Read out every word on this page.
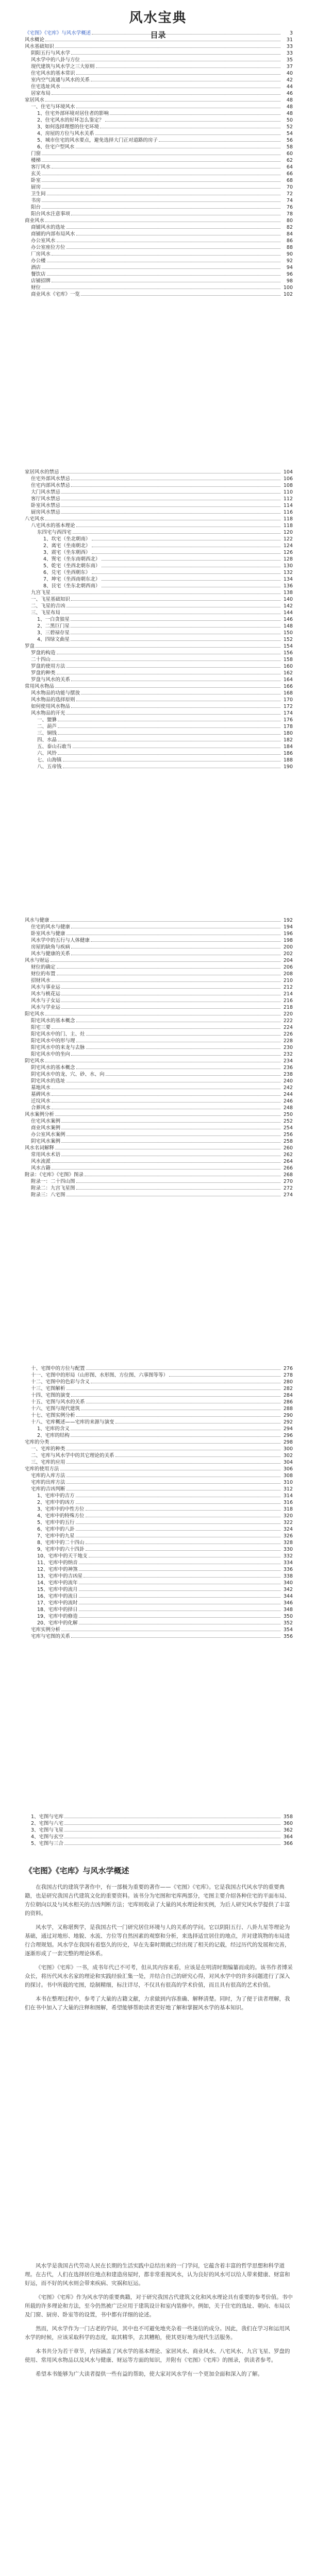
风水宝典
目录
《宅图》《宅库》与风水学概述	3
风水概论	31
风水基础知识	33
阴阳五行与风水学	33
风水学中的八卦与方位	35
现代建筑与风水学之三大原则	37
住宅风水的基本常识	40
室内空气流通与风水的关系	42
住宅选址风水	44
居家布局	46
家居风水	48
一、住宅与环境风水	48
1、住宅外部环境对居住者的影响	48
2、住宅风水的好坏怎么鉴定？	50
3、如何选择理想的住宅环境	52
4、房屋的方位与风水关系	54
5、城市住宅的风水要点，避免选择大门正对道路的房子	56
6、住宅户型风水	58
门窗	60
楼梯	62
客厅风水	64
玄关	66
卧室	68
厨房	70
卫生间	72
书房	74
阳台	76
阳台风水注意事项	78
商业风水	80
商铺风水的选址	82
商铺的内部布局风水	84
办公室风水	86
办公室座位方位	88
厂房风水	90
办公楼	92
酒店	94
餐饮店	96
店铺招牌	98
财位	100
商业风水《宅库》一览	102
家居风水的禁忌	104
住宅外部风水禁忌	106
住宅内部风水禁忌	108
大门风水禁忌	110
客厅风水禁忌	112
卧室风水禁忌	114
厨房风水禁忌	116
八宅风水	118
八宅风水的基本理论	118
东四宅与西四宅	120
1、坎宅（坐北朝南）	122
2、离宅（坐南朝北）	124
3、震宅（坐东朝西）	126
4、巽宅（坐东南朝西北）	128
5、乾宅（坐西北朝东南）	130
6、兑宅（坐西朝东）	132
7、坤宅（坐西南朝东北）	134
8、艮宅（坐东北朝西南）	136
九宫飞星	138
一、飞星基础知识	140
二、飞星的吉凶	142
三、飞星布局	144
1、一白贪狼星	146
2、二黑巨门星	148
3、三碧禄存星	150
4、四绿文曲星	152
罗盘	154
罗盘的构造	156
二十四山	158
罗盘的使用方法	160
罗盘的种类	162
罗盘与风水的关系	164
常用风水物品	166
风水物品的功能与摆放	168
风水物品的选择原则	170
如何使用风水物品	172
风水物品的开光	174
一、貔貅	176
二、葫芦	178
三、铜钱	180
四、水晶	182
五、泰山石敢当	184
六、风铃	186
七、山海镇	188
八、五帝钱	190
风水与健康	192
住宅的风水与健康	194
卧室风水与健康	196
风水学中的五行与人体健康	198
房屋的缺角与疾病	200
风水与健康的关系	202
风水与财运	204
财位的确定	206
财位的布置	208
招财风水	210
风水与事业运	212
风水与桃花运	214
风水与子女运	216
风水与学业运	218
阳宅风水	220
阳宅风水的基本概念	222
阳宅三要	224
阳宅风水中的门、主、灶	226
阳宅风水中的形与理	228
阳宅风水中的来龙与去脉	230
阳宅风水中的坐向	232
阴宅风水	234
阴宅风水的基本概念	236
阴宅风水中的龙、穴、砂、水、向	238
阴宅风水的选址	240
墓地风水	242
墓碑风水	244
迁坟风水	246
合葬风水	248
风水案例分析	250
住宅风水案例	252
商业风水案例	254
办公室风水案例	256
阴宅风水案例	258
风水名词解释	260
常用风水术语	262
风水流派	264
风水古籍	266
附录：《宅库》《宅图》图录	268
附录一：二十四山图	270
附录二：九宫飞星图	272
附录三：八宅图	274
十、宅图中的方位与配置	276
十一、宅图中的形局（山形图、水形图、方位图、六事图等等）	278
十二、宅图中的色彩与含义	280
十三、宅图解析	282
十四、宅图的演变	284
十五、宅图与风水的关系	286
十六、宅图与现代建筑	288
十七、宅图实例分析	290
十八、宅库概述——宅库的来源与演变	292
1、宅库的含义	294
2、宅库的结构	296
宅库的分类	298
一、宅库的种类	300
二、宅库与风水学中的其它理论的关系	302
三、宅库的应用	304
宅库的使用方法	306
宅库的入库方法	308
宅库的出库方法	310
宅库的吉凶判断	312
1、宅库中的吉方	314
2、宅库中的凶方	316
3、宅库中的中性方位	318
4、宅库中的特殊方位	320
5、宅库中的五行	322
6、宅库中的八卦	324
7、宅库中的九星	326
8、宅库中的二十四山	328
9、宅库中的六十四卦	330
10、宅库中的天干地支	332
11、宅库中的纳音	334
12、宅库中的神煞	336
13、宅库中的吉凶星	338
14、宅库中的流年	340
15、宅库中的流月	342
16、宅库中的流日	344
17、宅库中的流时	346
18、宅库中的择日	348
19、宅库中的修造	350
20、宅库中的化解	352
宅库实例分析	354
宅库与宅图的关系	356
1、宅图与宅库	358
2、宅图与八宅	360
3、宅图与飞星	362
4、宅图与玄空	364
5、宅图与三合	366
《宅图》《宅库》与风水学概述

在我国古代的建筑学著作中，有一部极为重要的著作——《宅图》《宅库》。它是我国古代风水学的重要典籍，也是研究我国古代建筑文化的重要资料。该书分为宅图和宅库两部分，宅图主要介绍各种住宅的平面布局、方位朝向以及与风水相关的吉凶判断方法；宅库则收录了大量的风水理论和实例，为后人研究风水学提供了丰富的资料。

风水学，又称堪舆学，是我国古代一门研究居住环境与人的关系的学问。它以阴阳五行、八卦九星等理论为基础，通过对地形、地貌、水流、方位等自然因素的观察和分析，来选择适宜居住的地点，并对建筑物的布局进行合理规划。风水学在我国有着悠久的历史，早在先秦时期就已经出现了相关的记载，经过历代的发展和完善，逐渐形成了一套完整的理论体系。

《宅图》《宅库》一书，成书年代已不可考，但从其内容来看，应该是在明清时期编纂而成的。该书作者博采众长，将历代风水名家的理论和实践经验汇集一处，并结合自己的研究心得，对风水学中的许多问题进行了深入的探讨。书中所载的宅图，绘制精细，标注详尽，不仅具有很高的学术价值，而且具有很高的艺术价值。

本书在整理过程中，参考了大量的古籍文献，力求做到内容准确、解释清楚。同时，为了便于读者理解，我们在书中加入了大量的注释和图解，希望能够帮助读者更好地了解和掌握风水学的基本知识。

风水学是我国古代劳动人民在长期的生活实践中总结出来的一门学问，它蕴含着丰富的哲学思想和科学道理。在古代，人们在选择居住地点和建造房屋时，都非常重视风水，认为良好的风水可以给人带来健康、财富和好运，而不好的风水则会带来疾病、灾祸和厄运。

《宅图》《宅库》作为风水学的重要典籍，对于研究我国古代建筑文化和风水理论具有重要的参考价值。书中所载的许多理论和方法，至今仍然被广泛应用于建筑设计和室内装修中。例如，关于住宅的选址、朝向、布局以及门窗、厨房、卧室等的设置，书中都有详细的论述。

然而，风水学作为一门古老的学问，其中也不可避免地夹杂着一些迷信的成分。因此，我们在学习和运用风水学的时候，应该采取科学的态度，取其精华，去其糟粕，使其更好地为现代生活服务。

本书共分为若干章节，内容涵盖了风水学的基本理论、家居风水、商业风水、八宅风水、九宫飞星、罗盘的使用、常用风水物品以及风水与健康、财运等方面的知识，并附有《宅图》《宅库》的图录，供读者参考。

希望本书能够为广大读者提供一些有益的帮助，使大家对风水学有一个更加全面和深入的了解。
